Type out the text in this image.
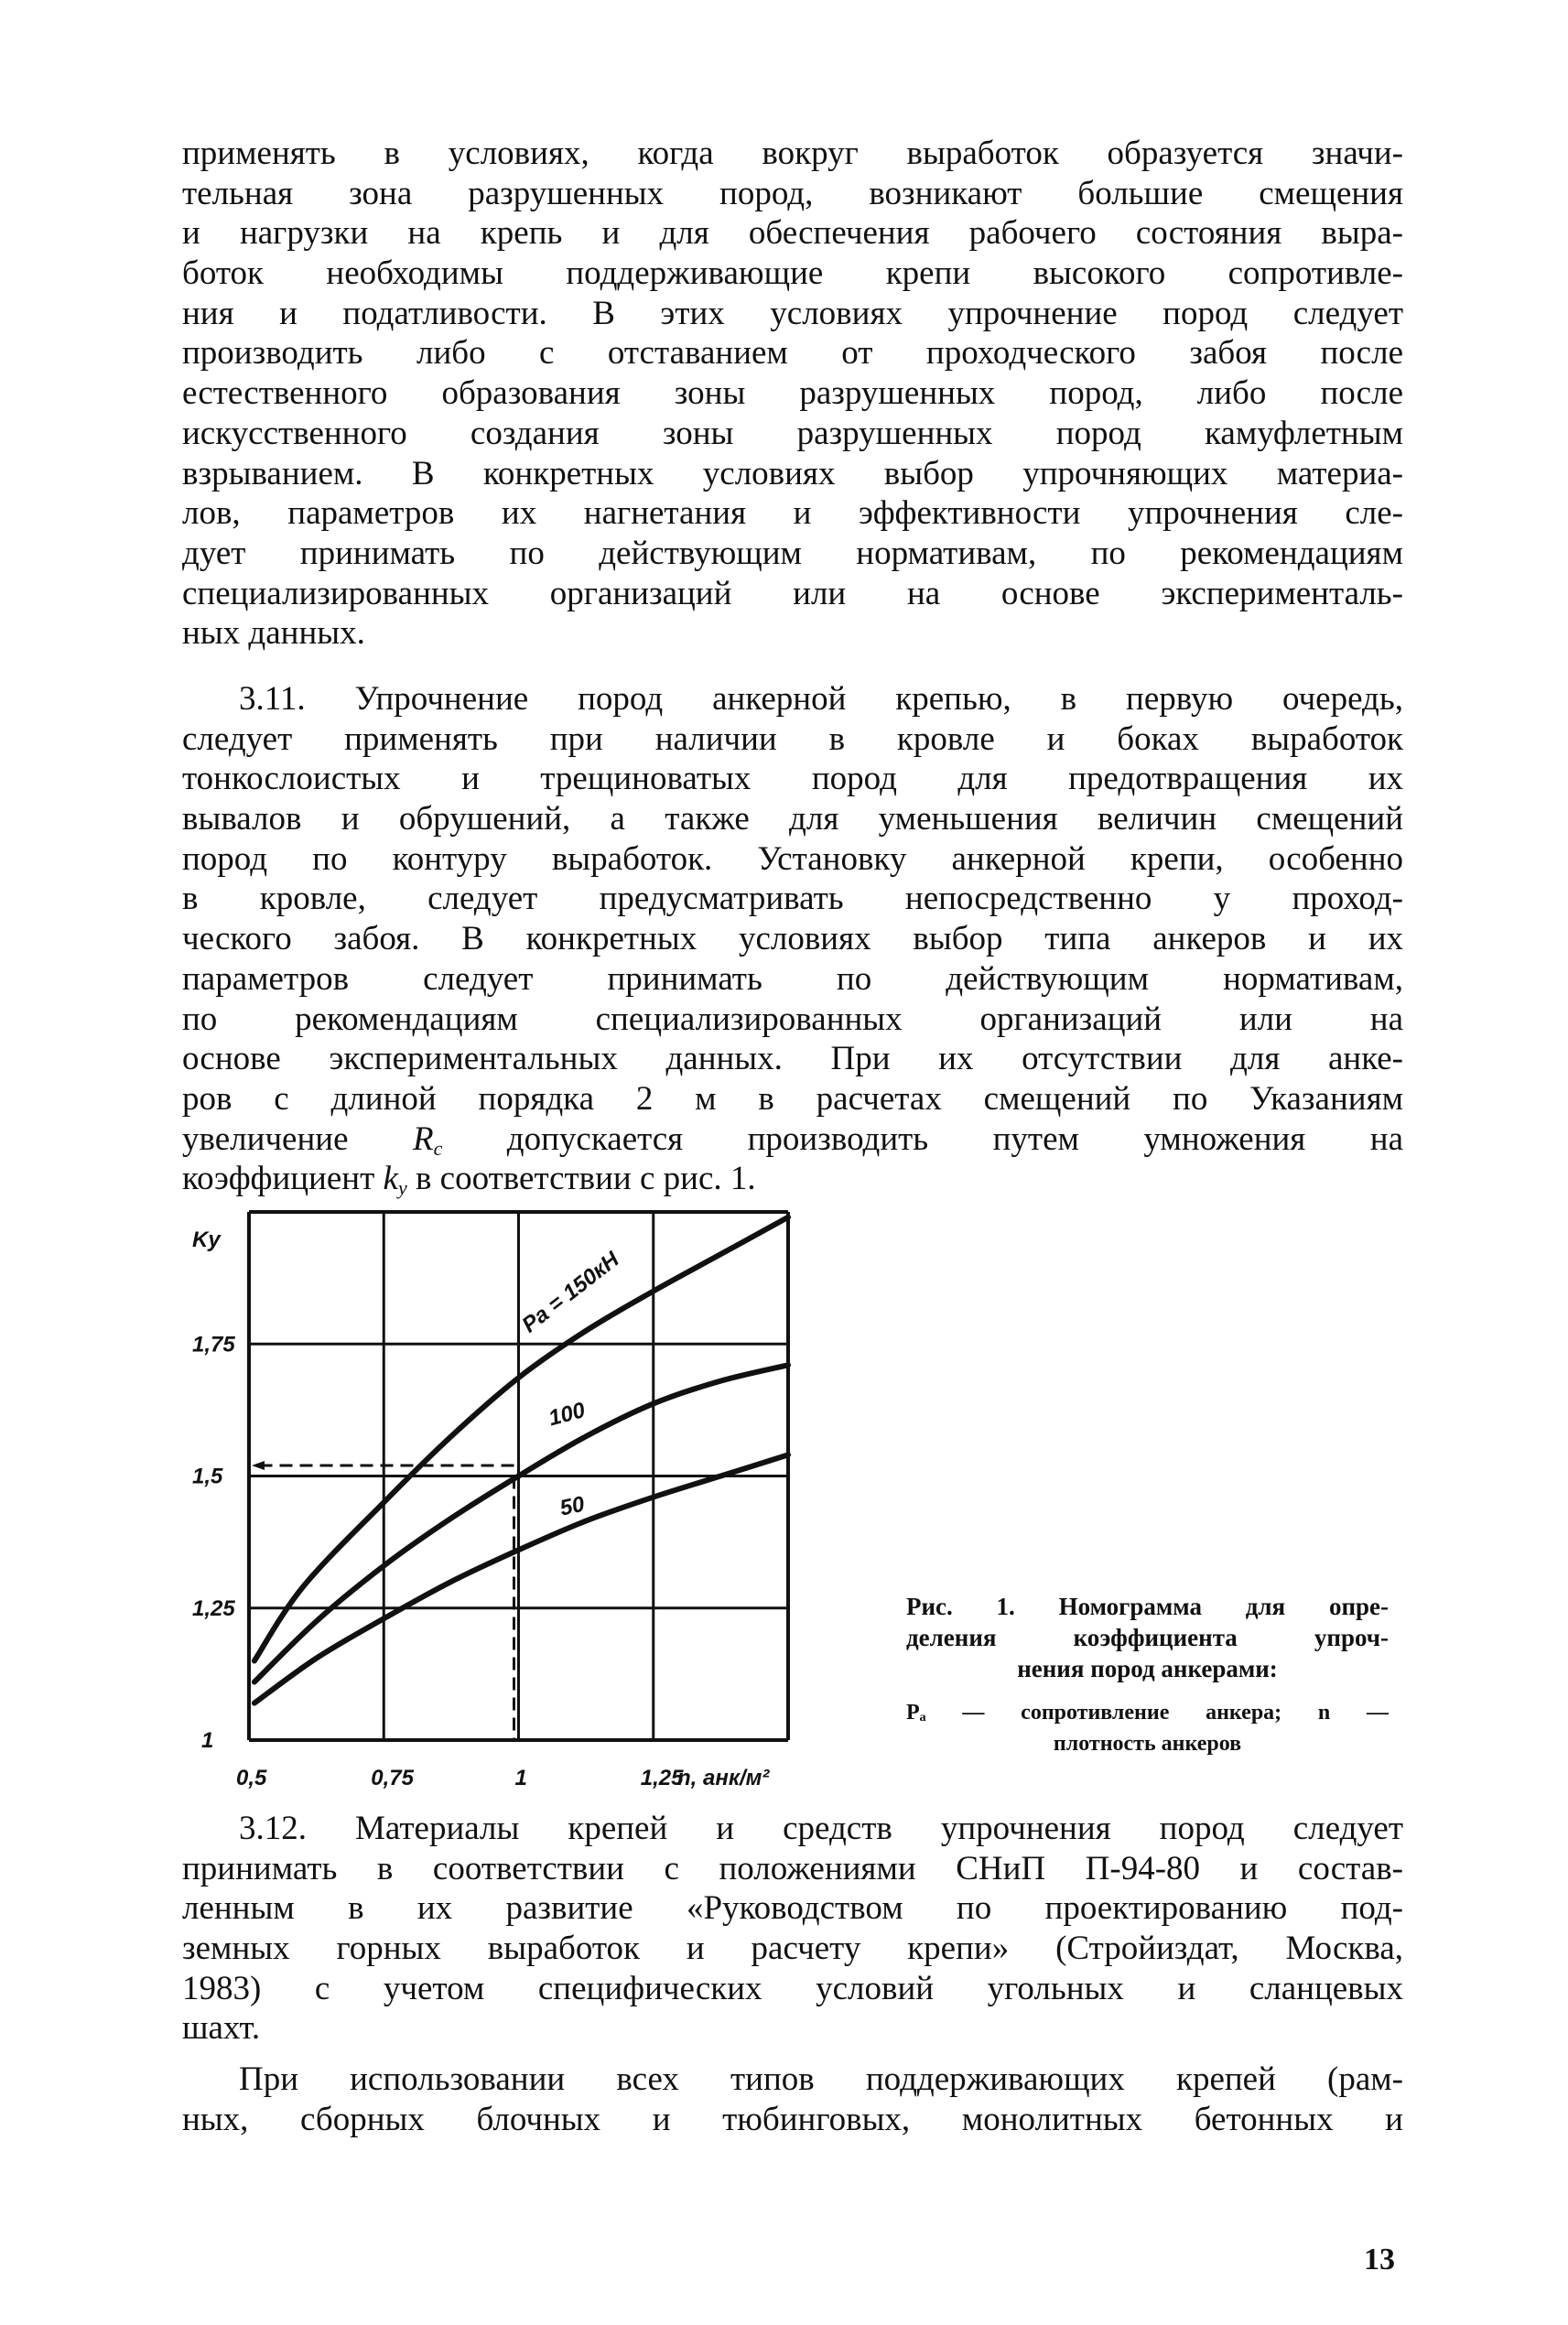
применять в условиях, когда вокруг выработок образуется значи-
тельная зона разрушенных пород, возникают большие смещения
и нагрузки на крепь и для обеспечения рабочего состояния выра-
боток необходимы поддерживающие крепи высокого сопротивле-
ния и податливости. В этих условиях упрочнение пород следует
производить либо с отставанием от проходческого забоя после
естественного образования зоны разрушенных пород, либо после
искусственного создания зоны разрушенных пород камуфлетным
взрыванием. В конкретных условиях выбор упрочняющих материа-
лов, параметров их нагнетания и эффективности упрочнения сле-
дует принимать по действующим нормативам, по рекомендациям
специализированных организаций или на основе эксперименталь-
ных данных.
3.11. Упрочнение пород анкерной крепью, в первую очередь,
следует применять при наличии в кровле и боках выработок
тонкослоистых и трещиноватых пород для предотвращения их
вывалов и обрушений, а также для уменьшения величин смещений
пород по контуру выработок. Установку анкерной крепи, особенно
в кровле, следует предусматривать непосредственно у проход-
ческого забоя. В конкретных условиях выбор типа анкеров и их
параметров следует принимать по действующим нормативам,
по рекомендациям специализированных организаций или на
основе экспериментальных данных. При их отсутствии для анке-
ров с длиной порядка 2 м в расчетах смещений по Указаниям
увеличение $R_c$ допускается производить путем умножения на
коэффициент $k_y$ в соответствии с рис. 1.
3.12. Материалы крепей и средств упрочнения пород следует
принимать в соответствии с положениями СНиП П-94-80 и состав-
ленным в их развитие «Руководством по проектированию под-
земных горных выработок и расчету крепи» (Стройиздат, Москва,
1983) с учетом специфических условий угольных и сланцевых
шахт.
При использовании всех типов поддерживающих крепей (рам-
ных, сборных блочных и тюбинговых, монолитных бетонных и
Kу
n, анк/м²
0,5	0,75	1	1,25
1
1,25
1,5
1,75
Pa = 150кН
100
50
Рис. 1. Номограмма для опре-
деления коэффициента упроч-
нения пород анкерами:
Pₐ — сопротивление анкера; n —
плотность анкеров
13
